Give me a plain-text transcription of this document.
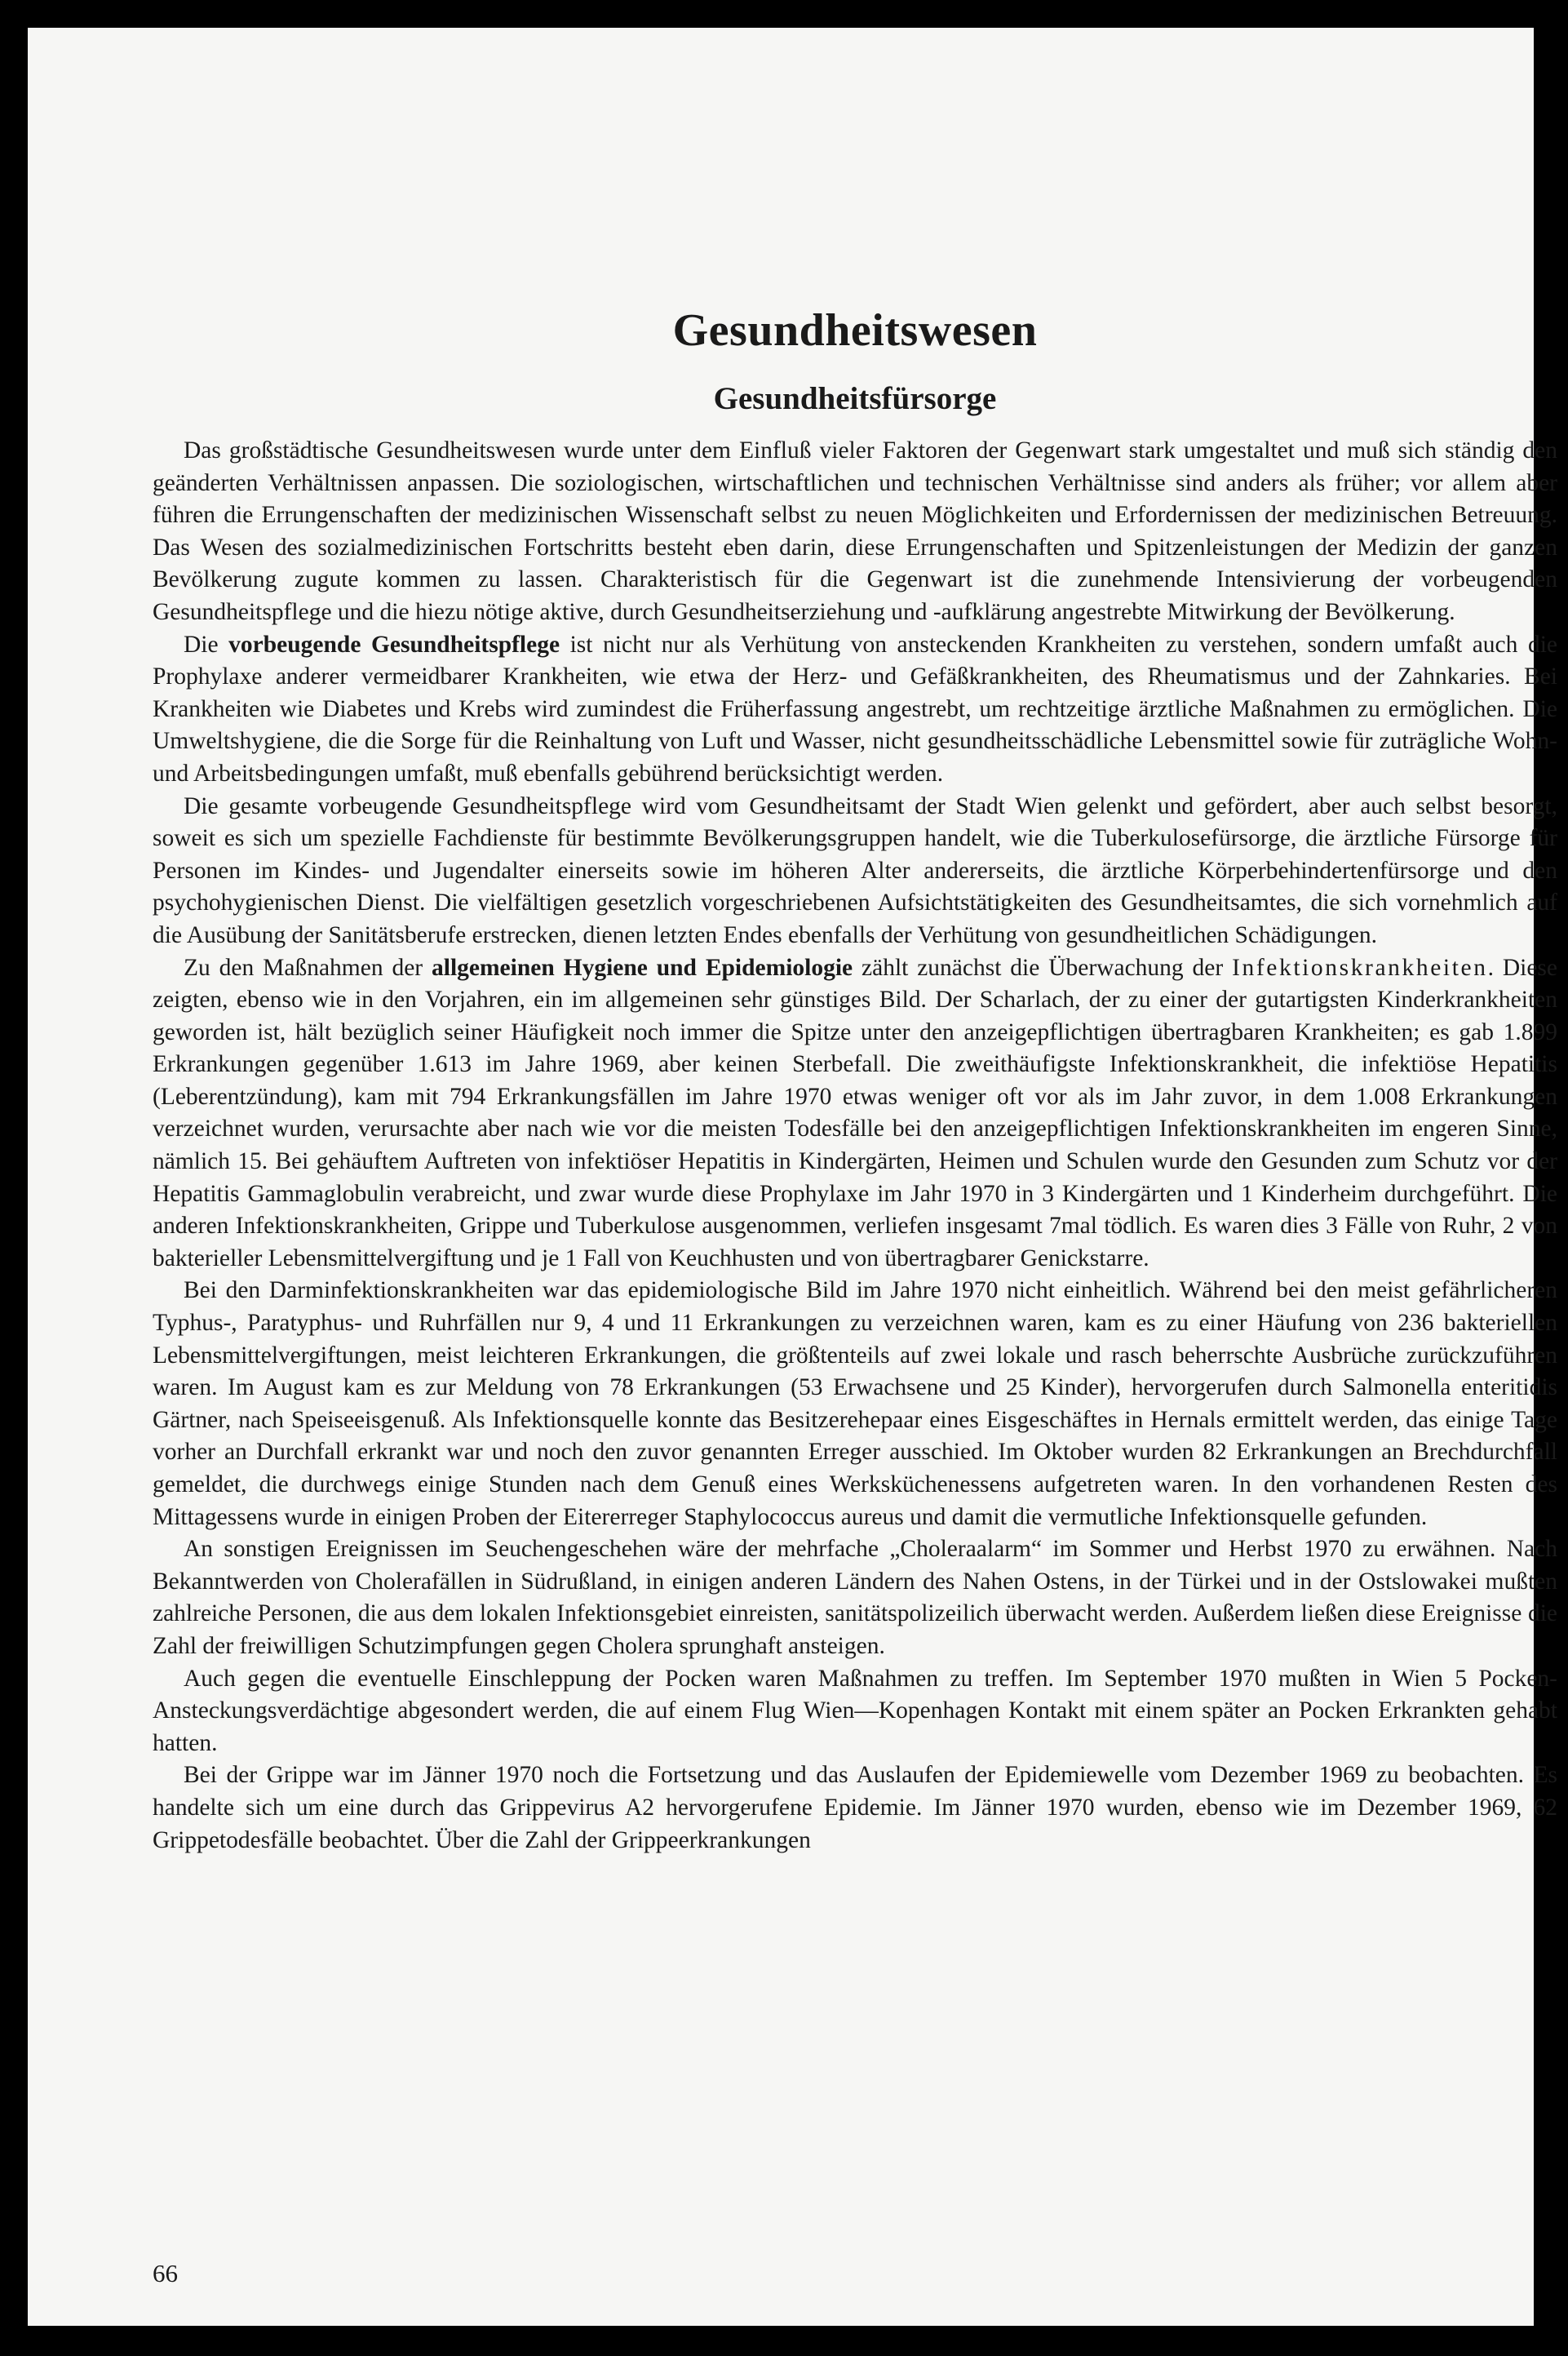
Gesundheitswesen
Gesundheitsfürsorge

Das großstädtische Gesundheitswesen wurde unter dem Einfluß vieler Faktoren der Gegenwart stark umgestaltet und muß sich ständig den geänderten Verhältnissen anpassen. Die soziologischen, wirtschaftlichen und technischen Verhältnisse sind anders als früher; vor allem aber führen die Errungenschaften der medizinischen Wissenschaft selbst zu neuen Möglichkeiten und Erfordernissen der medizinischen Betreuung. Das Wesen des sozialmedizinischen Fortschritts besteht eben darin, diese Errungenschaften und Spitzenleistungen der Medizin der ganzen Bevölkerung zugute kommen zu lassen. Charakteristisch für die Gegenwart ist die zunehmende Intensivierung der vorbeugenden Gesundheitspflege und die hiezu nötige aktive, durch Gesundheitserziehung und -aufklärung angestrebte Mitwirkung der Bevölkerung.

Die vorbeugende Gesundheitspflege ist nicht nur als Verhütung von ansteckenden Krankheiten zu verstehen, sondern umfaßt auch die Prophylaxe anderer vermeidbarer Krankheiten, wie etwa der Herz- und Gefäßkrankheiten, des Rheumatismus und der Zahnkaries. Bei Krankheiten wie Diabetes und Krebs wird zumindest die Früherfassung angestrebt, um rechtzeitige ärztliche Maßnahmen zu ermöglichen. Die Umweltshygiene, die die Sorge für die Reinhaltung von Luft und Wasser, nicht gesundheitsschädliche Lebensmittel sowie für zuträgliche Wohn- und Arbeitsbedingungen umfaßt, muß ebenfalls gebührend berücksichtigt werden.

Die gesamte vorbeugende Gesundheitspflege wird vom Gesundheitsamt der Stadt Wien gelenkt und gefördert, aber auch selbst besorgt, soweit es sich um spezielle Fachdienste für bestimmte Bevölkerungsgruppen handelt, wie die Tuberkulosefürsorge, die ärztliche Fürsorge für Personen im Kindes- und Jugendalter einerseits sowie im höheren Alter andererseits, die ärztliche Körperbehindertenfürsorge und den psychohygienischen Dienst. Die vielfältigen gesetzlich vorgeschriebenen Aufsichtstätigkeiten des Gesundheitsamtes, die sich vornehmlich auf die Ausübung der Sanitätsberufe erstrecken, dienen letzten Endes ebenfalls der Verhütung von gesundheitlichen Schädigungen.

Zu den Maßnahmen der allgemeinen Hygiene und Epidemiologie zählt zunächst die Überwachung der Infektionskrankheiten. Diese zeigten, ebenso wie in den Vorjahren, ein im allgemeinen sehr günstiges Bild. Der Scharlach, der zu einer der gutartigsten Kinderkrankheiten geworden ist, hält bezüglich seiner Häufigkeit noch immer die Spitze unter den anzeigepflichtigen übertragbaren Krankheiten; es gab 1.899 Erkrankungen gegenüber 1.613 im Jahre 1969, aber keinen Sterbefall. Die zweithäufigste Infektionskrankheit, die infektiöse Hepatitis (Leberentzündung), kam mit 794 Erkrankungsfällen im Jahre 1970 etwas weniger oft vor als im Jahr zuvor, in dem 1.008 Erkrankungen verzeichnet wurden, verursachte aber nach wie vor die meisten Todesfälle bei den anzeigepflichtigen Infektionskrankheiten im engeren Sinne, nämlich 15. Bei gehäuftem Auftreten von infektiöser Hepatitis in Kindergärten, Heimen und Schulen wurde den Gesunden zum Schutz vor der Hepatitis Gammaglobulin verabreicht, und zwar wurde diese Prophylaxe im Jahr 1970 in 3 Kindergärten und 1 Kinderheim durchgeführt. Die anderen Infektionskrankheiten, Grippe und Tuberkulose ausgenommen, verliefen insgesamt 7mal tödlich. Es waren dies 3 Fälle von Ruhr, 2 von bakterieller Lebensmittelvergiftung und je 1 Fall von Keuchhusten und von übertragbarer Genickstarre.

Bei den Darminfektionskrankheiten war das epidemiologische Bild im Jahre 1970 nicht einheitlich. Während bei den meist gefährlicheren Typhus-, Paratyphus- und Ruhrfällen nur 9, 4 und 11 Erkrankungen zu verzeichnen waren, kam es zu einer Häufung von 236 bakteriellen Lebensmittelvergiftungen, meist leichteren Erkrankungen, die größtenteils auf zwei lokale und rasch beherrschte Ausbrüche zurückzuführen waren. Im August kam es zur Meldung von 78 Erkrankungen (53 Erwachsene und 25 Kinder), hervorgerufen durch Salmonella enteritidis Gärtner, nach Speiseeisgenuß. Als Infektionsquelle konnte das Besitzerehepaar eines Eisgeschäftes in Hernals ermittelt werden, das einige Tage vorher an Durchfall erkrankt war und noch den zuvor genannten Erreger ausschied. Im Oktober wurden 82 Erkrankungen an Brechdurchfall gemeldet, die durchwegs einige Stunden nach dem Genuß eines Werksküchenessens aufgetreten waren. In den vorhandenen Resten des Mittagessens wurde in einigen Proben der Eitererreger Staphylococcus aureus und damit die vermutliche Infektionsquelle gefunden.

An sonstigen Ereignissen im Seuchengeschehen wäre der mehrfache „Choleraalarm“ im Sommer und Herbst 1970 zu erwähnen. Nach Bekanntwerden von Cholerafällen in Südrußland, in einigen anderen Ländern des Nahen Ostens, in der Türkei und in der Ostslowakei mußten zahlreiche Personen, die aus dem lokalen Infektionsgebiet einreisten, sanitätspolizeilich überwacht werden. Außerdem ließen diese Ereignisse die Zahl der freiwilligen Schutzimpfungen gegen Cholera sprunghaft ansteigen.

Auch gegen die eventuelle Einschleppung der Pocken waren Maßnahmen zu treffen. Im September 1970 mußten in Wien 5 Pocken-Ansteckungsverdächtige abgesondert werden, die auf einem Flug Wien—Kopenhagen Kontakt mit einem später an Pocken Erkrankten gehabt hatten.

Bei der Grippe war im Jänner 1970 noch die Fortsetzung und das Auslaufen der Epidemiewelle vom Dezember 1969 zu beobachten. Es handelte sich um eine durch das Grippevirus A2 hervorgerufene Epidemie. Im Jänner 1970 wurden, ebenso wie im Dezember 1969, 62 Grippetodesfälle beobachtet. Über die Zahl der Grippeerkrankungen

66
